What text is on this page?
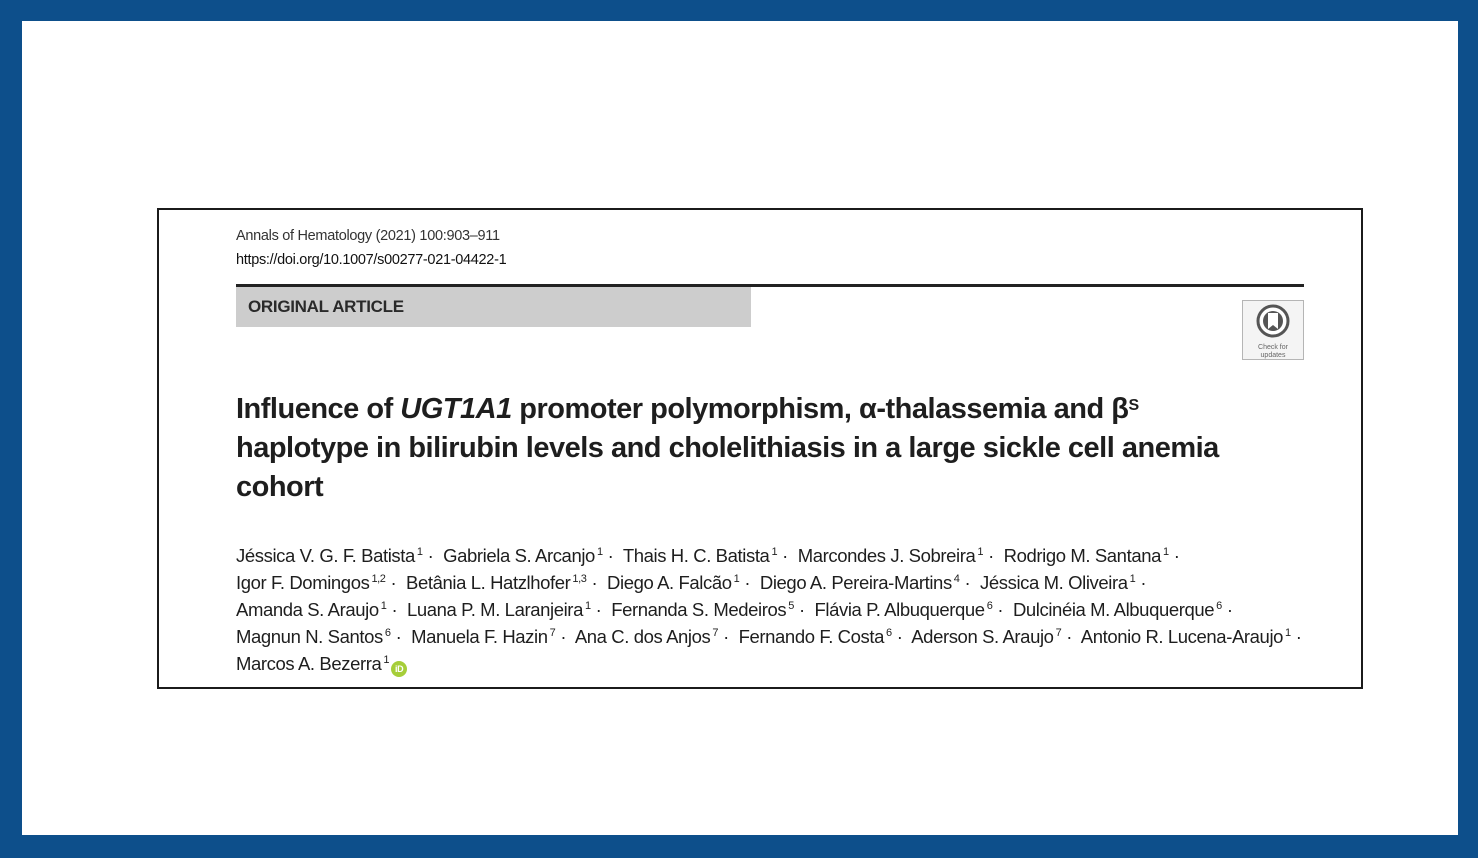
Annals of Hematology (2021) 100:903–911
https://doi.org/10.1007/s00277-021-04422-1
ORIGINAL ARTICLE
Check for
updates
Influence of UGT1A1 promoter polymorphism, α-thalassemia and $\beta^S$ haplotype in bilirubin levels and cholelithiasis in a large sickle cell anemia cohort
Jéssica V. G. F. Batista $^1$ · Gabriela S. Arcanjo $^1$ · Thais H. C. Batista $^1$ · Marcondes J. Sobreira $^1$ · Rodrigo M. Santana $^1$ · Igor F. Domingos $^{1,2}$ · Betânia L. Hatzlhofer $^{1,3}$ · Diego A. Falcão $^1$ · Diego A. Pereira-Martins $^4$ · Jéssica M. Oliveira $^1$ · Amanda S. Araujo $^1$ · Luana P. M. Laranjeira $^1$ · Fernanda S. Medeiros $^5$ · Flávia P. Albuquerque $^6$ · Dulcinéia M. Albuquerque $^6$ · Magnun N. Santos $^6$ · Manuela F. Hazin $^7$ · Ana C. dos Anjos $^7$ · Fernando F. Costa $^6$ · Aderson S. Araujo $^7$ · Antonio R. Lucena-Araujo $^1$ · Marcos A. Bezerra $^1$iD
